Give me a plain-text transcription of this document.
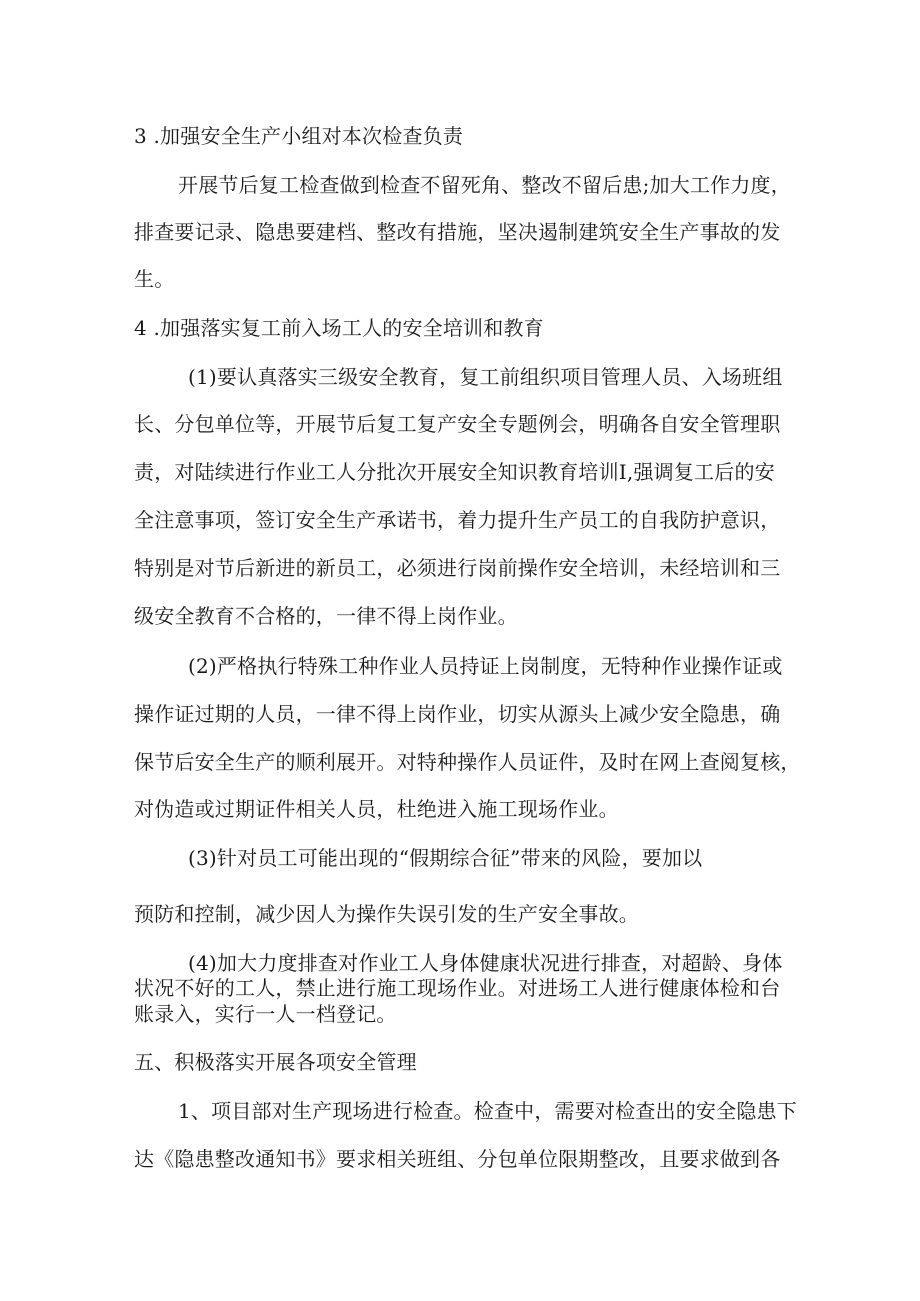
3 .加强安全生产小组对本次检查负责
开展节后复工检查做到检查不留死角、整改不留后患;加大工作力度，
排查要记录、隐患要建档、整改有措施，坚决遏制建筑安全生产事故的发
生。
4 .加强落实复工前入场工人的安全培训和教育
(1)要认真落实三级安全教育，复工前组织项目管理人员、入场班组
长、分包单位等，开展节后复工复产安全专题例会，明确各自安全管理职
责，对陆续进行作业工人分批次开展安全知识教育培训I,强调复工后的安
全注意事项，签订安全生产承诺书，着力提升生产员工的自我防护意识，
特别是对节后新进的新员工，必须进行岗前操作安全培训，未经培训和三
级安全教育不合格的，一律不得上岗作业。
(2)严格执行特殊工种作业人员持证上岗制度，无特种作业操作证或
操作证过期的人员，一律不得上岗作业，切实从源头上减少安全隐患，确
保节后安全生产的顺利展开。对特种操作人员证件，及时在网上查阅复核，
对伪造或过期证件相关人员，杜绝进入施工现场作业。
(3)针对员工可能出现的“假期综合征”带来的风险，要加以
预防和控制，减少因人为操作失误引发的生产安全事故。
(4)加大力度排查对作业工人身体健康状况进行排查，对超龄、身体
状况不好的工人，禁止进行施工现场作业。对进场工人进行健康体检和台
账录入，实行一人一档登记。
五、积极落实开展各项安全管理
1、项目部对生产现场进行检查。检查中，需要对检查出的安全隐患下
达《隐患整改通知书》要求相关班组、分包单位限期整改，且要求做到各
